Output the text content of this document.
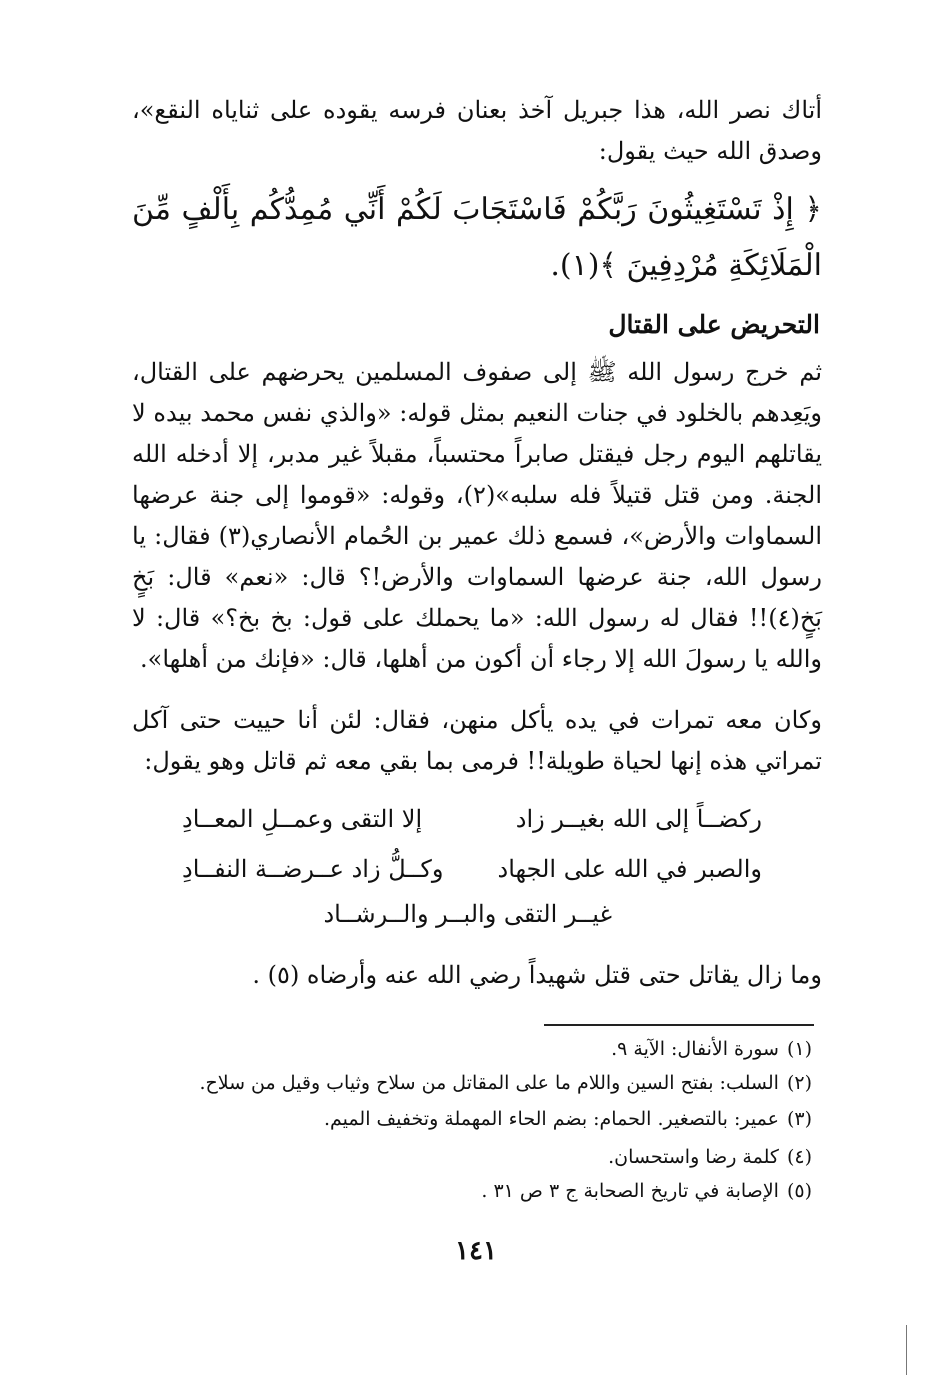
أتاك نصر الله، هذا جبريل آخذ بعنان فرسه يقوده على ثناياه النقع»، وصدق الله حيث يقول:

﴿ إِذْ تَسْتَغِيثُونَ رَبَّكُمْ فَاسْتَجَابَ لَكُمْ أَنِّي مُمِدُّكُم بِأَلْفٍ مِّنَ الْمَلَائِكَةِ مُرْدِفِينَ ﴾(١).

التحريض على القتال

ثم خرج رسول الله ﷺ إلى صفوف المسلمين يحرضهم على القتال، ويَعِدهم بالخلود في جنات النعيم بمثل قوله: «والذي نفس محمد بيده لا يقاتلهم اليوم رجل فيقتل صابراً محتسباً، مقبلاً غير مدبر، إلا أدخله الله الجنة. ومن قتل قتيلاً فله سلبه»(٢)، وقوله: «قوموا إلى جنة عرضها السماوات والأرض»، فسمع ذلك عمير بن الحُمام الأنصاري(٣) فقال: يا رسول الله، جنة عرضها السماوات والأرض!؟ قال: «نعم» قال: بَخٍ بَخٍ(٤)!! فقال له رسول الله: «ما يحملك على قول: بخ بخ؟» قال: لا والله يا رسولَ الله إلا رجاء أن أكون من أهلها، قال: «فإنك من أهلها».

وكان معه تمرات في يده يأكل منهن، فقال: لئن أنا حييت حتى آكل تمراتي هذه إنها لحياة طويلة!! فرمى بما بقي معه ثم قاتل وهو يقول:

ركضــاً إلى الله بغيــر زاد
إلا التقى وعمــلِ المعــادِ
والصبر في الله على الجهاد
وكــلُّ زاد عــرضــة النفــادِ
غيــر التقى والبــر والــرشــاد

وما زال يقاتل حتى قتل شهيداً رضي الله عنه وأرضاه (٥) .

(١)سورة الأنفال: الآية ٩.
(٢)السلب: بفتح السين واللام ما على المقاتل من سلاح وثياب وقيل من سلاح.
(٣)عمير: بالتصغير. الحمام: بضم الحاء المهملة وتخفيف الميم.
(٤)كلمة رضا واستحسان.
(٥)الإصابة في تاريخ الصحابة ج ٣ ص ٣١ .
١٤١
